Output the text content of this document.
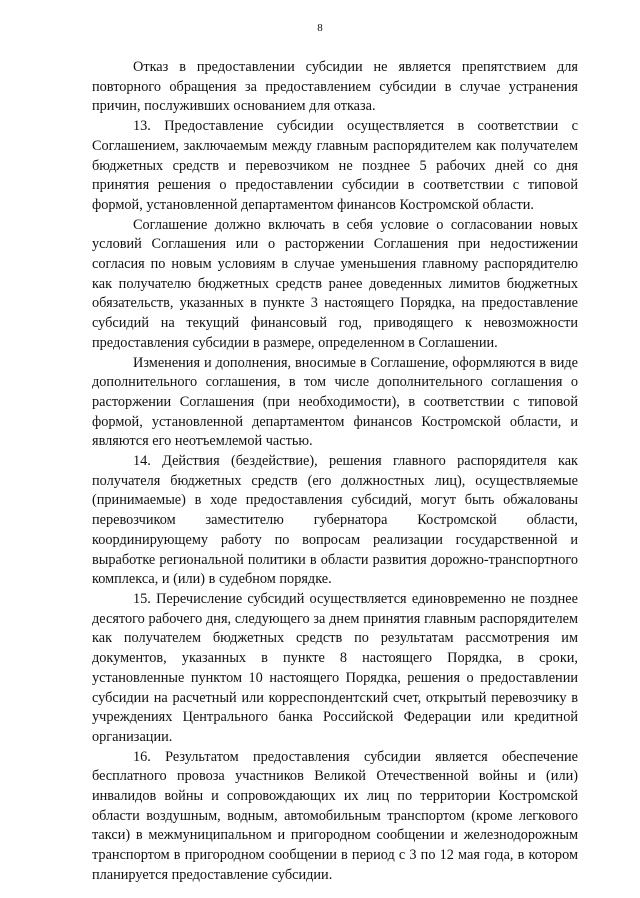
8

Отказ в предоставлении субсидии не является препятствием для повторного обращения за предоставлением субсидии в случае устранения причин, послуживших основанием для отказа.

13. Предоставление субсидии осуществляется в соответствии с Соглашением, заключаемым между главным распорядителем как получателем бюджетных средств и перевозчиком не позднее 5 рабочих дней со дня принятия решения о предоставлении субсидии в соответствии с типовой формой, установленной департаментом финансов Костромской области.

Соглашение должно включать в себя условие о согласовании новых условий Соглашения или о расторжении Соглашения при недостижении согласия по новым условиям в случае уменьшения главному распорядителю как получателю бюджетных средств ранее доведенных лимитов бюджетных обязательств, указанных в пункте 3 настоящего Порядка, на предоставление субсидий на текущий финансовый год, приводящего к невозможности предоставления субсидии в размере, определенном в Соглашении.

Изменения и дополнения, вносимые в Соглашение, оформляются в виде дополнительного соглашения, в том числе дополнительного соглашения о расторжении Соглашения (при необходимости), в соответствии с типовой формой, установленной департаментом финансов Костромской области, и являются его неотъемлемой частью.

14. Действия (бездействие), решения главного распорядителя как получателя бюджетных средств (его должностных лиц), осуществляемые (принимаемые) в ходе предоставления субсидий, могут быть обжалованы перевозчиком заместителю губернатора Костромской области, координирующему работу по вопросам реализации государственной и выработке региональной политики в области развития дорожно-транспортного комплекса, и (или) в судебном порядке.

15. Перечисление субсидий осуществляется единовременно не позднее десятого рабочего дня, следующего за днем принятия главным распорядителем как получателем бюджетных средств по результатам рассмотрения им документов, указанных в пункте 8 настоящего Порядка, в сроки, установленные пунктом 10 настоящего Порядка, решения о предоставлении субсидии на расчетный или корреспондентский счет, открытый перевозчику в учреждениях Центрального банка Российской Федерации или кредитной организации.

16. Результатом предоставления субсидии является обеспечение бесплатного провоза участников Великой Отечественной войны и (или) инвалидов войны и сопровождающих их лиц по территории Костромской области воздушным, водным, автомобильным транспортом (кроме легкового такси) в межмуниципальном и пригородном сообщении и железнодорожным транспортом в пригородном сообщении в период с 3 по 12 мая года, в котором планируется предоставление субсидии.
